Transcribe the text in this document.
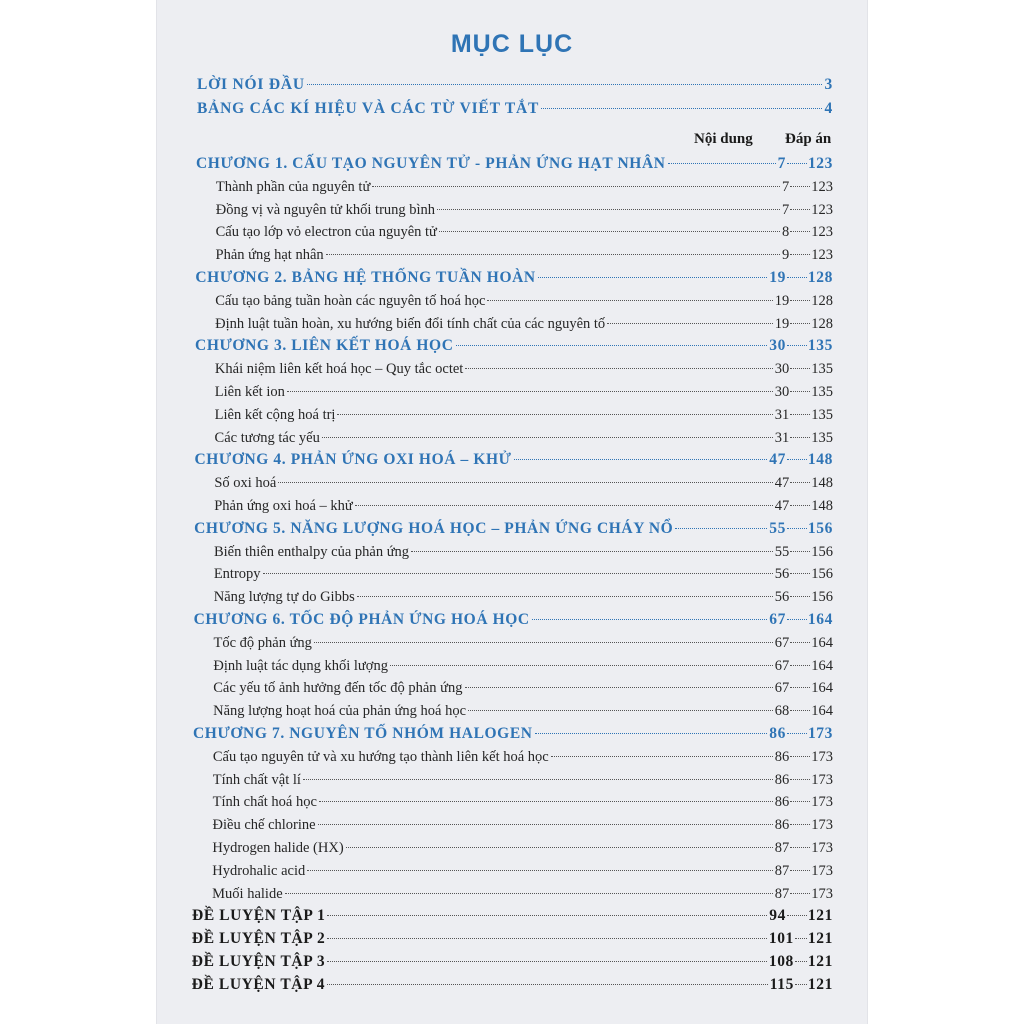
MỤC LỤC
LỜI NÓI ĐẦU	3
BẢNG CÁC KÍ HIỆU VÀ CÁC TỪ VIẾT TẮT	4
Nội dung Đáp án
CHƯƠNG 1. CẤU TẠO NGUYÊN TỬ - PHẢN ỨNG HẠT NHÂN	7 123
Thành phần của nguyên tử	7 123
Đồng vị và nguyên tử khối trung bình	7 123
Cấu tạo lớp vỏ electron của nguyên tử	8 123
Phản ứng hạt nhân	9 123
CHƯƠNG 2. BẢNG HỆ THỐNG TUẦN HOÀN	19 128
Cấu tạo bảng tuần hoàn các nguyên tố hoá học	19 128
Định luật tuần hoàn, xu hướng biến đổi tính chất của các nguyên tố	19 128
CHƯƠNG 3. LIÊN KẾT HOÁ HỌC	30 135
Khái niệm liên kết hoá học – Quy tắc octet	30 135
Liên kết ion	30 135
Liên kết cộng hoá trị	31 135
Các tương tác yếu	31 135
CHƯƠNG 4. PHẢN ỨNG OXI HOÁ – KHỬ	47 148
Số oxi hoá	47 148
Phản ứng oxi hoá – khử	47 148
CHƯƠNG 5. NĂNG LƯỢNG HOÁ HỌC – PHẢN ỨNG CHÁY NỔ	55 156
Biến thiên enthalpy của phản ứng	55 156
Entropy	56 156
Năng lượng tự do Gibbs	56 156
CHƯƠNG 6. TỐC ĐỘ PHẢN ỨNG HOÁ HỌC	67 164
Tốc độ phản ứng	67 164
Định luật tác dụng khối lượng	67 164
Các yếu tố ảnh hưởng đến tốc độ phản ứng	67 164
Năng lượng hoạt hoá của phản ứng hoá học	68 164
CHƯƠNG 7. NGUYÊN TỐ NHÓM HALOGEN	86 173
Cấu tạo nguyên tử và xu hướng tạo thành liên kết hoá học	86 173
Tính chất vật lí	86 173
Tính chất hoá học	86 173
Điều chế chlorine	86 173
Hydrogen halide (HX)	87 173
Hydrohalic acid	87 173
Muối halide	87 173
ĐỀ LUYỆN TẬP 1	94 121
ĐỀ LUYỆN TẬP 2	101 121
ĐỀ LUYỆN TẬP 3	108 121
ĐỀ LUYỆN TẬP 4	115 121
